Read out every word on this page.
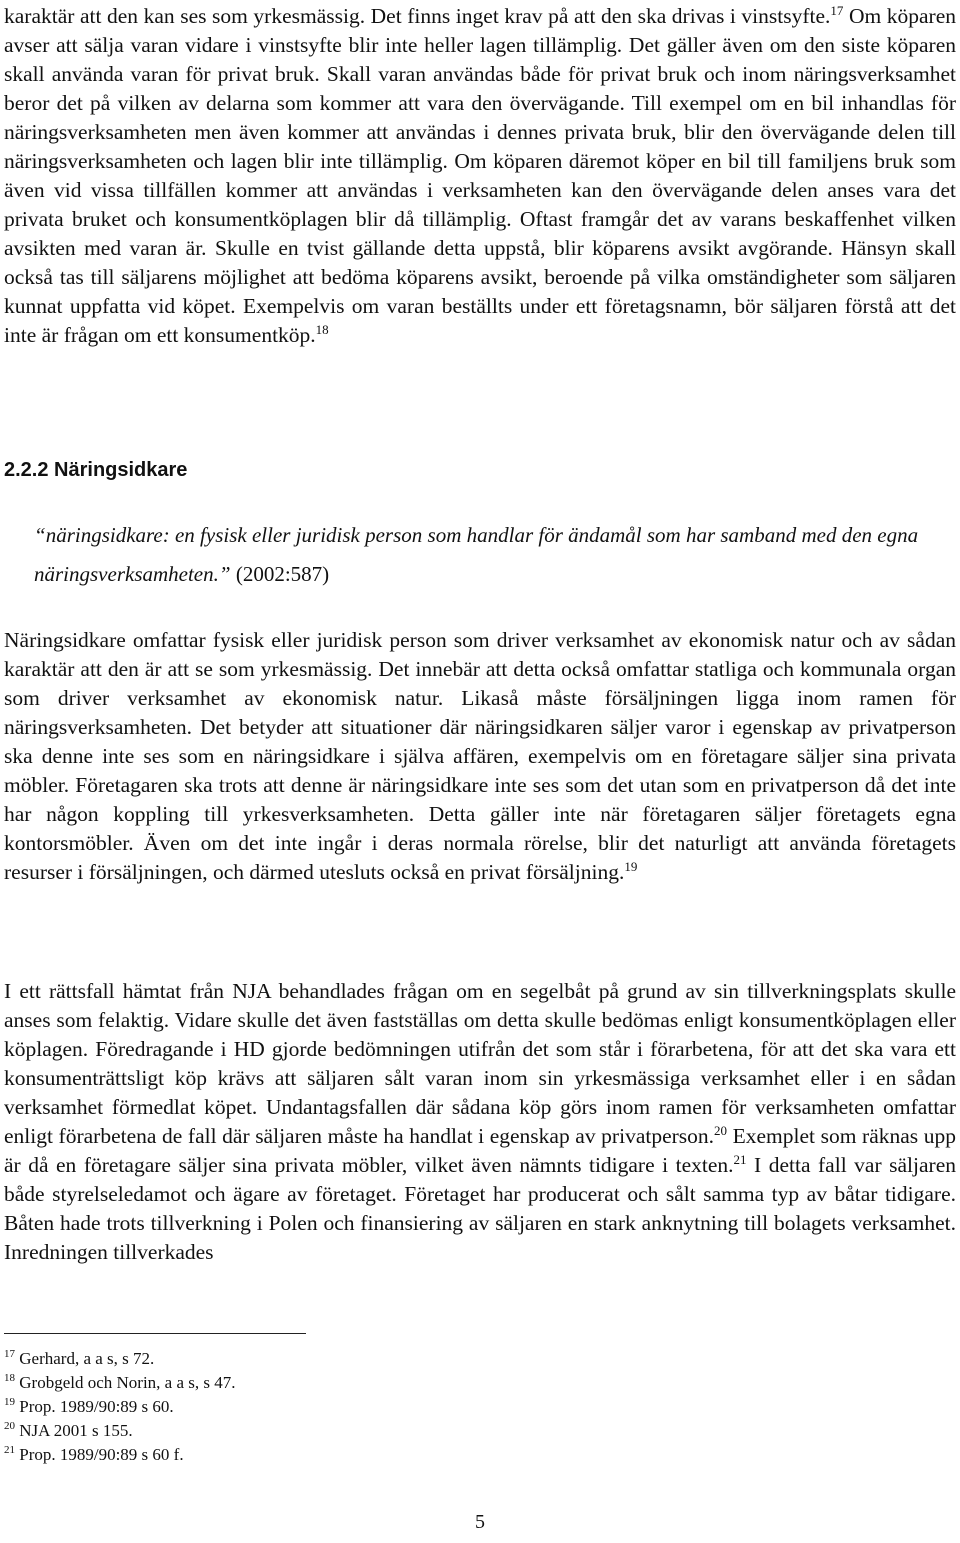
karaktär att den kan ses som yrkesmässig. Det finns inget krav på att den ska drivas i vinstsyfte.$^{17}$ Om köparen avser att sälja varan vidare i vinstsyfte blir inte heller lagen tillämplig. Det gäller även om den siste köparen skall använda varan för privat bruk. Skall varan användas både för privat bruk och inom näringsverksamhet beror det på vilken av delarna som kommer att vara den övervägande. Till exempel om en bil inhandlas för näringsverksamheten men även kommer att användas i dennes privata bruk, blir den övervägande delen till näringsverksamheten och lagen blir inte tillämplig. Om köparen däremot köper en bil till familjens bruk som även vid vissa tillfällen kommer att användas i verksamheten kan den övervägande delen anses vara det privata bruket och konsumentköplagen blir då tillämplig. Oftast framgår det av varans beskaffenhet vilken avsikten med varan är. Skulle en tvist gällande detta uppstå, blir köparens avsikt avgörande. Hänsyn skall också tas till säljarens möjlighet att bedöma köparens avsikt, beroende på vilka omständigheter som säljaren kunnat uppfatta vid köpet. Exempelvis om varan beställts under ett företagsnamn, bör säljaren förstå att det inte är frågan om ett konsumentköp.$^{18}$

2.2.2 Näringsidkare

“näringsidkare: en fysisk eller juridisk person som handlar för ändamål som har samband med den egna näringsverksamheten.” (2002:587)

Näringsidkare omfattar fysisk eller juridisk person som driver verksamhet av ekonomisk natur och av sådan karaktär att den är att se som yrkesmässig. Det innebär att detta också omfattar statliga och kommunala organ som driver verksamhet av ekonomisk natur. Likaså måste försäljningen ligga inom ramen för näringsverksamheten. Det betyder att situationer där näringsidkaren säljer varor i egenskap av privatperson ska denne inte ses som en näringsidkare i själva affären, exempelvis om en företagare säljer sina privata möbler. Företagaren ska trots att denne är näringsidkare inte ses som det utan som en privatperson då det inte har någon koppling till yrkesverksamheten. Detta gäller inte när företagaren säljer företagets egna kontorsmöbler. Även om det inte ingår i deras normala rörelse, blir det naturligt att använda företagets resurser i försäljningen, och därmed utesluts också en privat försäljning.$^{19}$

I ett rättsfall hämtat från NJA behandlades frågan om en segelbåt på grund av sin tillverkningsplats skulle anses som felaktig. Vidare skulle det även fastställas om detta skulle bedömas enligt konsumentköplagen eller köplagen. Föredragande i HD gjorde bedömningen utifrån det som står i förarbetena, för att det ska vara ett konsumenträttsligt köp krävs att säljaren sålt varan inom sin yrkesmässiga verksamhet eller i en sådan verksamhet förmedlat köpet. Undantagsfallen där sådana köp görs inom ramen för verksamheten omfattar enligt förarbetena de fall där säljaren måste ha handlat i egenskap av privatperson.$^{20}$ Exemplet som räknas upp är då en företagare säljer sina privata möbler, vilket även nämnts tidigare i texten.$^{21}$ I detta fall var säljaren både styrelseledamot och ägare av företaget. Företaget har producerat och sålt samma typ av båtar tidigare. Båten hade trots tillverkning i Polen och finansiering av säljaren en stark anknytning till bolagets verksamhet. Inredningen tillverkades

$^{17}$ Gerhard, a a s, s 72.

$^{18}$ Grobgeld och Norin, a a s, s 47.

$^{19}$ Prop. 1989/90:89 s 60.

$^{20}$ NJA 2001 s 155.

$^{21}$ Prop. 1989/90:89 s 60 f.

5
